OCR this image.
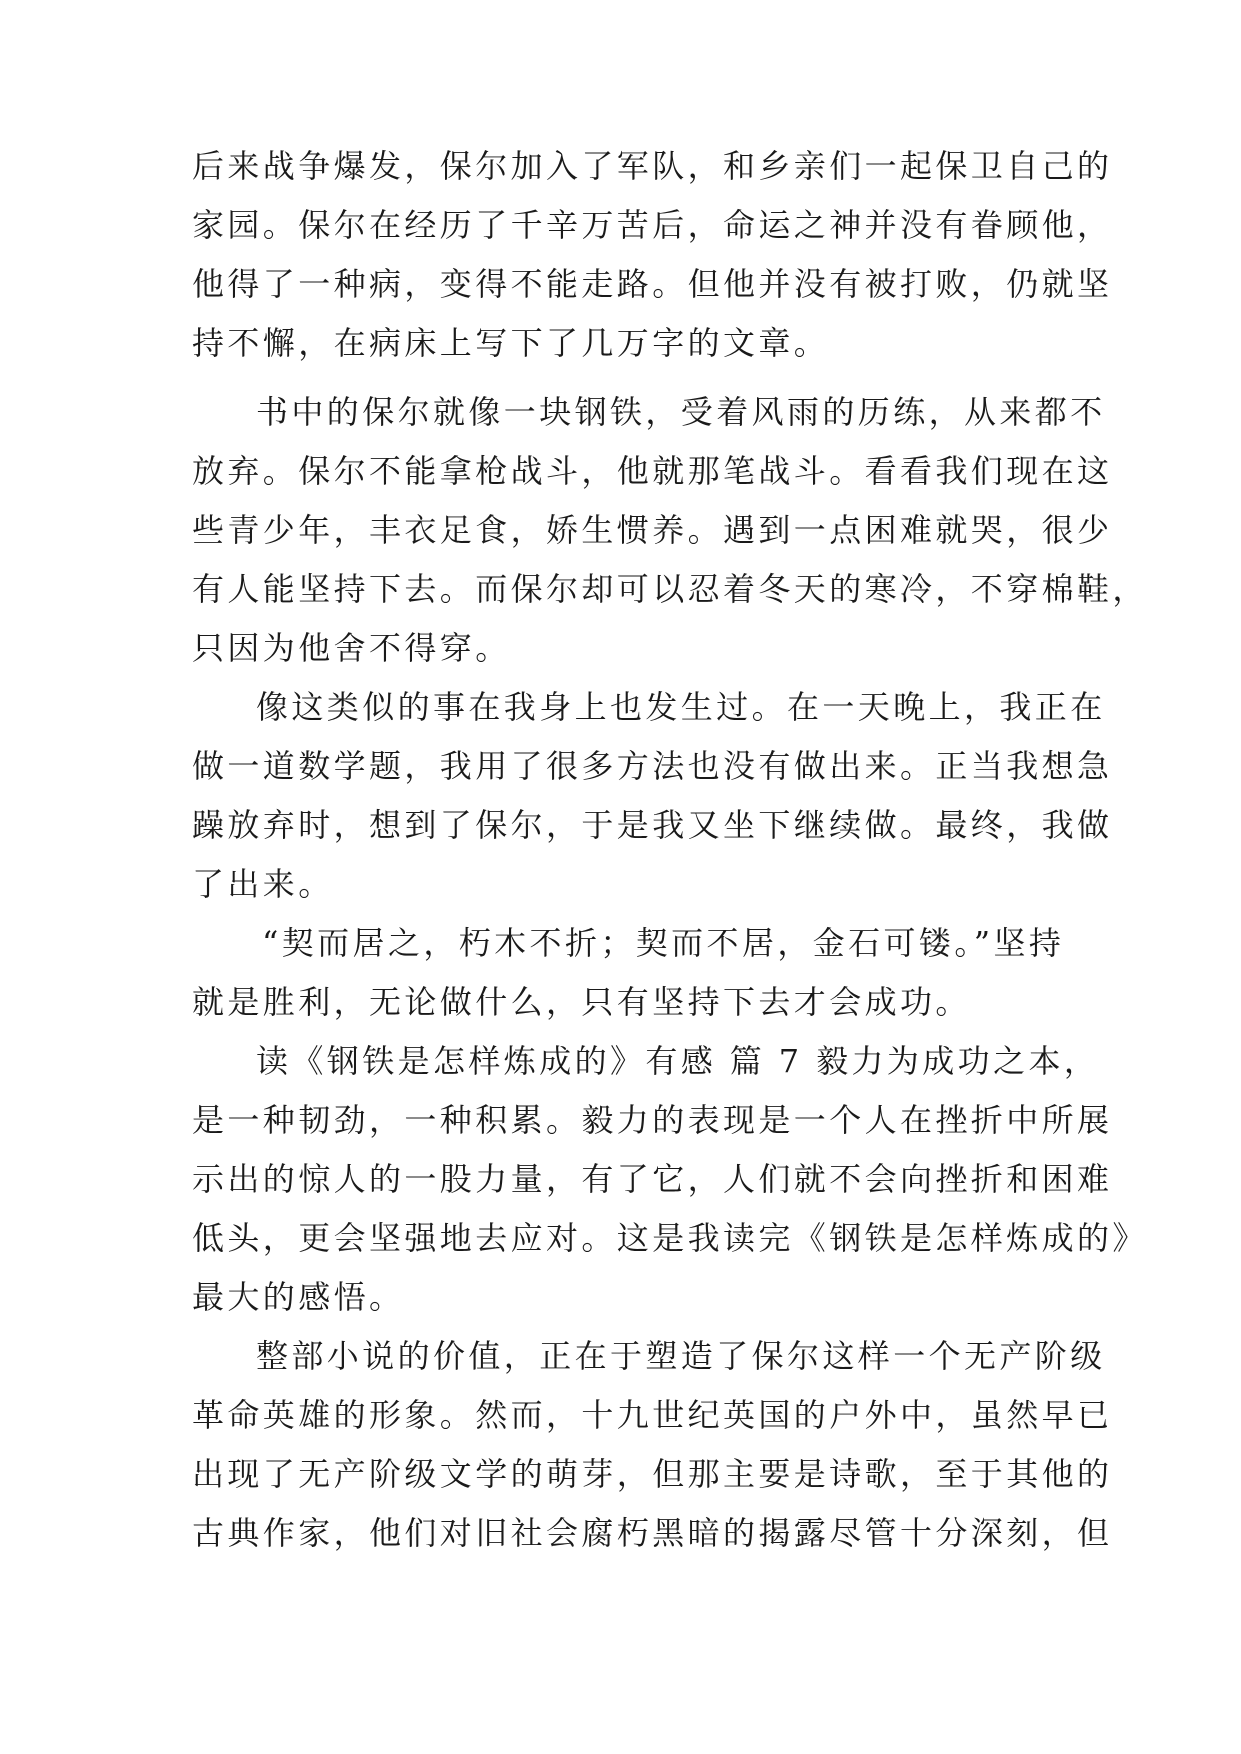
后来战争爆发，保尔加入了军队，和乡亲们一起保卫自己的
家园。保尔在经历了千辛万苦后，命运之神并没有眷顾他，
他得了一种病，变得不能走路。但他并没有被打败，仍就坚
持不懈，在病床上写下了几万字的文章。
书中的保尔就像一块钢铁，受着风雨的历练，从来都不
放弃。保尔不能拿枪战斗，他就那笔战斗。看看我们现在这
些青少年，丰衣足食，娇生惯养。遇到一点困难就哭，很少
有人能坚持下去。而保尔却可以忍着冬天的寒冷，不穿棉鞋，
只因为他舍不得穿。
像这类似的事在我身上也发生过。在一天晚上，我正在
做一道数学题，我用了很多方法也没有做出来。正当我想急
躁放弃时，想到了保尔，于是我又坐下继续做。最终，我做
了出来。
“契而居之，朽木不折；契而不居，金石可镂。”坚持
就是胜利，无论做什么，只有坚持下去才会成功。
读《钢铁是怎样炼成的》有感 篇 7 毅力为成功之本，
是一种韧劲，一种积累。毅力的表现是一个人在挫折中所展
示出的惊人的一股力量，有了它，人们就不会向挫折和困难
低头，更会坚强地去应对。这是我读完《钢铁是怎样炼成的》
最大的感悟。
整部小说的价值，正在于塑造了保尔这样一个无产阶级
革命英雄的形象。然而，十九世纪英国的户外中，虽然早已
出现了无产阶级文学的萌芽，但那主要是诗歌，至于其他的
古典作家，他们对旧社会腐朽黑暗的揭露尽管十分深刻，但
